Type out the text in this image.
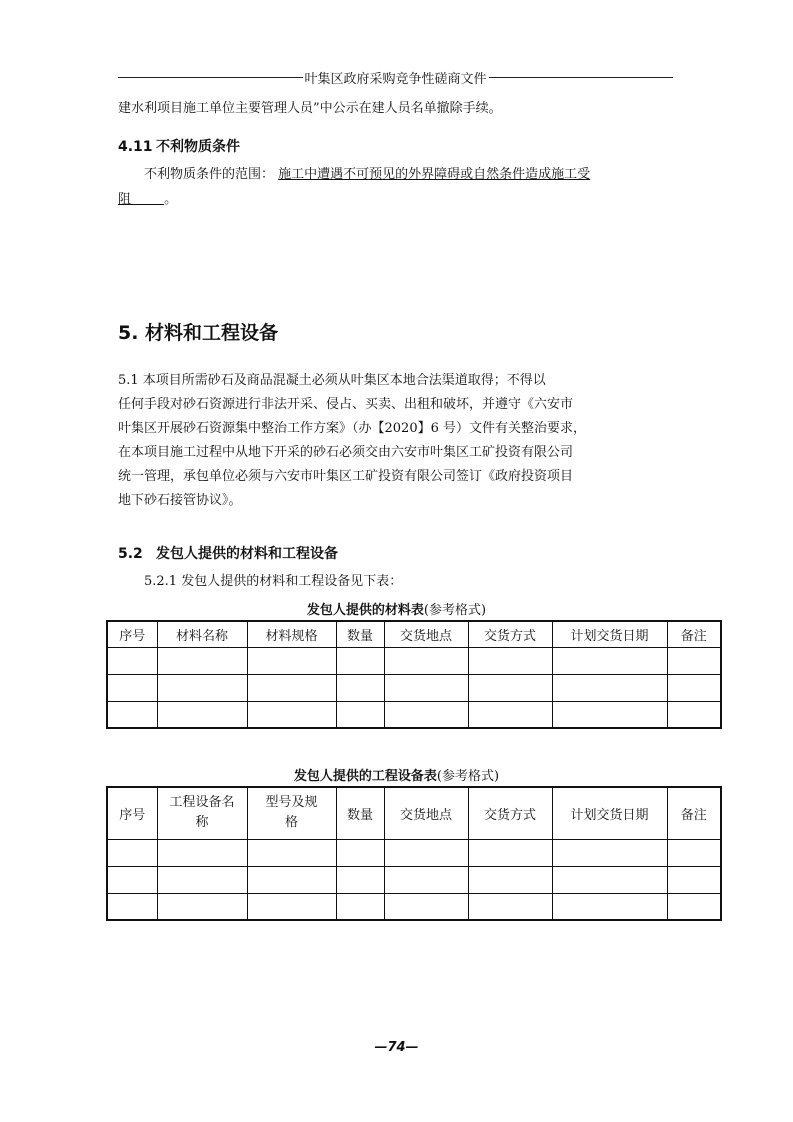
叶集区政府采购竞争性磋商文件
建水利项目施工单位主要管理人员”中公示在建人员名单撤除手续。
4.11 不利物质条件
不利物质条件的范围： 施工中遭遇不可预见的外界障碍或自然条件造成施工受
阻        。
5. 材料和工程设备
5.1 本项目所需砂石及商品混凝土必须从叶集区本地合法渠道取得；不得以
任何手段对砂石资源进行非法开采、侵占、买卖、出租和破坏，并遵守《六安市
叶集区开展砂石资源集中整治工作方案》（办【2020】6 号）文件有关整治要求，
在本项目施工过程中从地下开采的砂石必须交由六安市叶集区工矿投资有限公司
统一管理，承包单位必须与六安市叶集区工矿投资有限公司签订《政府投资项目
地下砂石接管协议》。
5.2 发包人提供的材料和工程设备
5.2.1 发包人提供的材料和工程设备见下表：
发包人提供的材料表(参考格式)
序号	材料名称	材料规格	数量	交货地点	交货方式	计划交货日期	备注

发包人提供的工程设备表(参考格式)
序号	工程设备名称	型号及规格	数量	交货地点	交货方式	计划交货日期	备注

—74—
